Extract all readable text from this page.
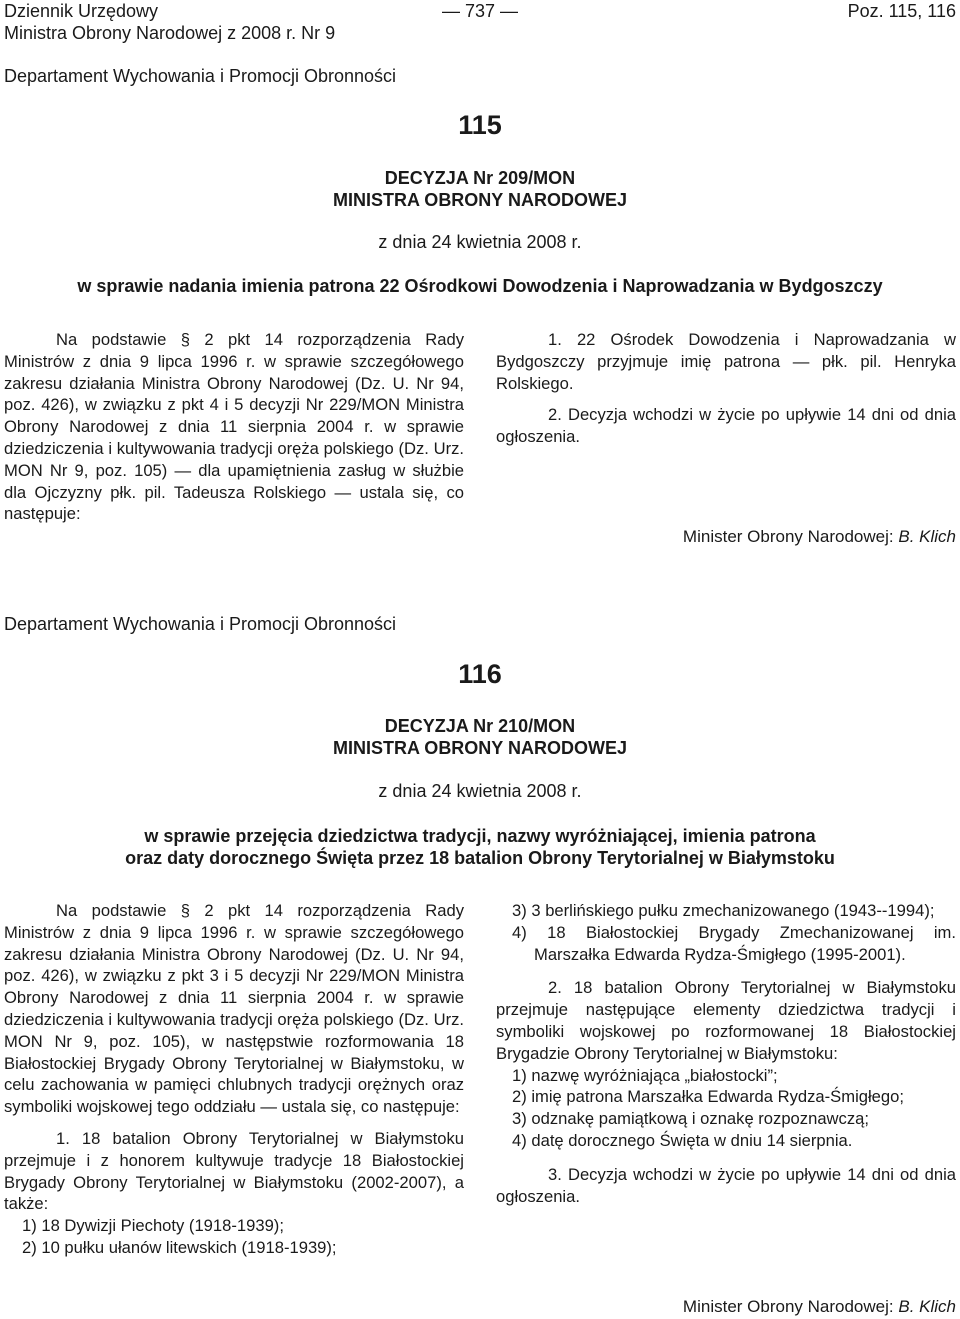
Dziennik Urzędowy
Ministra Obrony Narodowej z 2008 r. Nr 9
— 737 —	Poz. 115, 116
Departament Wychowania i Promocji Obronności
115
DECYZJA Nr 209/MON
MINISTRA OBRONY NARODOWEJ
z dnia 24 kwietnia 2008 r.
w sprawie nadania imienia patrona 22 Ośrodkowi Dowodzenia i Naprowadzania w Bydgoszczy

Na podstawie § 2 pkt 14 rozporządzenia Rady Ministrów z dnia 9 lipca 1996 r. w sprawie szczegółowego zakresu działania Ministra Obrony Narodowej (Dz. U. Nr 94, poz. 426), w związku z pkt 4 i 5 decyzji Nr 229/MON Ministra Obrony Narodowej z dnia 11 sierpnia 2004 r. w sprawie dziedziczenia i kultywowania tradycji oręża polskiego (Dz. Urz. MON Nr 9, poz. 105) — dla upamiętnienia zasług w służbie dla Ojczyzny płk. pil. Tadeusza Rolskiego — ustala się, co następuje:

1. 22 Ośrodek Dowodzenia i Naprowadzania w Bydgoszczy przyjmuje imię patrona — płk. pil. Henryka Rolskiego.

2. Decyzja wchodzi w życie po upływie 14 dni od dnia ogłoszenia.

Minister Obrony Narodowej: B. Klich
Departament Wychowania i Promocji Obronności
116
DECYZJA Nr 210/MON
MINISTRA OBRONY NARODOWEJ
z dnia 24 kwietnia 2008 r.
w sprawie przejęcia dziedzictwa tradycji, nazwy wyróżniającej, imienia patrona
oraz daty dorocznego Święta przez 18 batalion Obrony Terytorialnej w Białymstoku

Na podstawie § 2 pkt 14 rozporządzenia Rady Ministrów z dnia 9 lipca 1996 r. w sprawie szczegółowego zakresu działania Ministra Obrony Narodowej (Dz. U. Nr 94, poz. 426), w związku z pkt 3 i 5 decyzji Nr 229/MON Ministra Obrony Narodowej z dnia 11 sierpnia 2004 r. w sprawie dziedziczenia i kultywowania tradycji oręża polskiego (Dz. Urz. MON Nr 9, poz. 105), w następstwie rozformowania 18 Białostockiej Brygady Obrony Terytorialnej w Białymstoku, w celu zachowania w pamięci chlubnych tradycji orężnych oraz symboliki wojskowej tego oddziału — ustala się, co następuje:

1. 18 batalion Obrony Terytorialnej w Białymstoku przejmuje i z honorem kultywuje tradycje 18 Białostockiej Brygady Obrony Terytorialnej w Białymstoku (2002-2007), a także:

1) 18 Dywizji Piechoty (1918-1939);
2) 10 pułku ułanów litewskich (1918-1939);
3) 3 berlińskiego pułku zmechanizowanego (1943--1994);
4) 18 Białostockiej Brygady Zmechanizowanej im. Marszałka Edwarda Rydza-Śmigłego (1995-2001).

2. 18 batalion Obrony Terytorialnej w Białymstoku przejmuje następujące elementy dziedzictwa tradycji i symboliki wojskowej po rozformowanej 18 Białostockiej Brygadzie Obrony Terytorialnej w Białymstoku:

1) nazwę wyróżniająca „białostocki”;
2) imię patrona Marszałka Edwarda Rydza-Śmigłego;
3) odznakę pamiątkową i oznakę rozpoznawczą;
4) datę dorocznego Święta w dniu 14 sierpnia.

3. Decyzja wchodzi w życie po upływie 14 dni od dnia ogłoszenia.

Minister Obrony Narodowej: B. Klich
